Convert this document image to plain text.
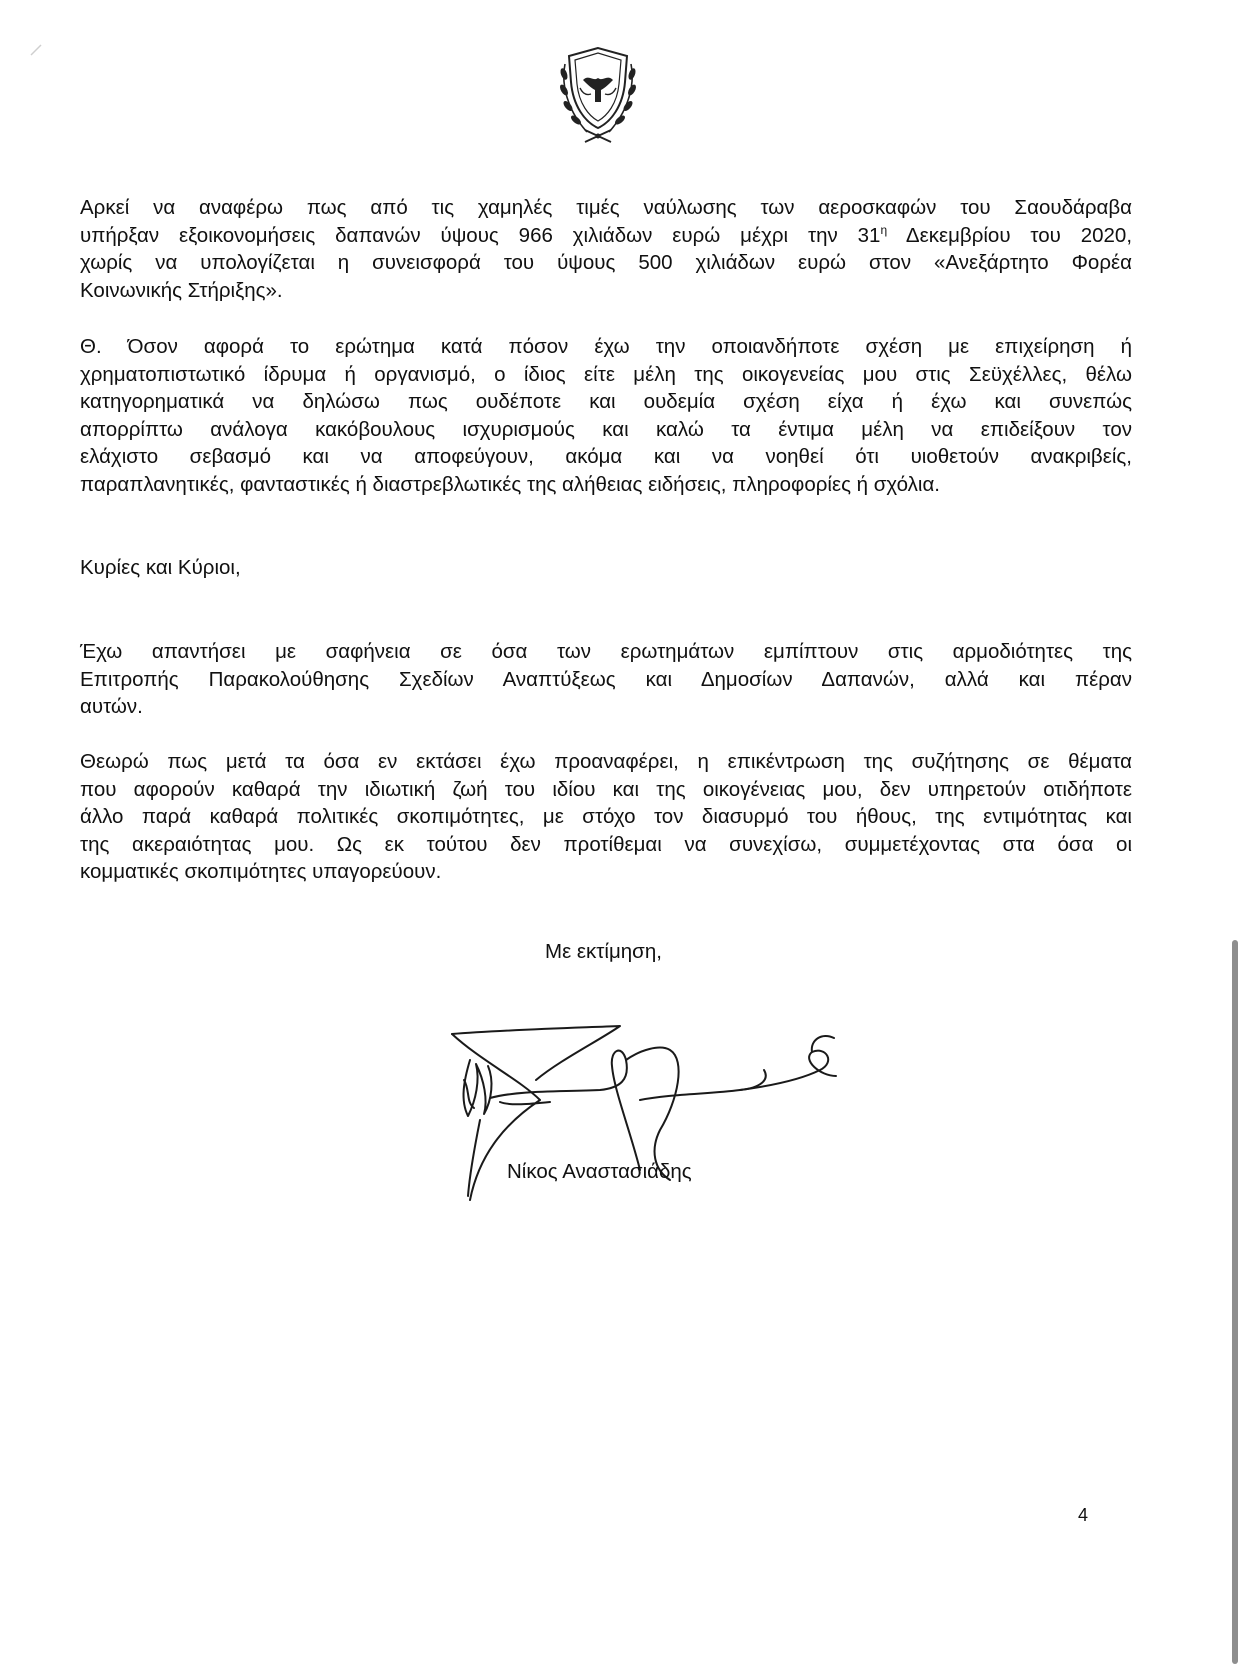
Αρκεί να αναφέρω πως από τις χαμηλές τιμές ναύλωσης των αεροσκαφών του Σαουδάραβα
υπήρξαν εξοικονομήσεις δαπανών ύψους 966 χιλιάδων ευρώ μέχρι την $31^\eta$ Δεκεμβρίου του 2020,
χωρίς να υπολογίζεται η συνεισφορά του ύψους 500 χιλιάδων ευρώ στον «Ανεξάρτητο Φορέα
Κοινωνικής Στήριξης».
Θ. Όσον αφορά το ερώτημα κατά πόσον έχω την οποιανδήποτε σχέση με επιχείρηση ή
χρηματοπιστωτικό ίδρυμα ή οργανισμό, ο ίδιος είτε μέλη της οικογενείας μου στις Σεϋχέλλες, θέλω
κατηγορηματικά να δηλώσω πως ουδέποτε και ουδεμία σχέση είχα ή έχω και συνεπώς
απορρίπτω ανάλογα κακόβουλους ισχυρισμούς και καλώ τα έντιμα μέλη να επιδείξουν τον
ελάχιστο σεβασμό και να αποφεύγουν, ακόμα και να νοηθεί ότι υιοθετούν ανακριβείς,
παραπλανητικές, φανταστικές ή διαστρεβλωτικές της αλήθειας ειδήσεις, πληροφορίες ή σχόλια.
Κυρίες και Κύριοι,
Έχω απαντήσει με σαφήνεια σε όσα των ερωτημάτων εμπίπτουν στις αρμοδιότητες της
Επιτροπής Παρακολούθησης Σχεδίων Αναπτύξεως και Δημοσίων Δαπανών, αλλά και πέραν
αυτών.
Θεωρώ πως μετά τα όσα εν εκτάσει έχω προαναφέρει, η επικέντρωση της συζήτησης σε θέματα
που αφορούν καθαρά την ιδιωτική ζωή του ιδίου και της οικογένειας μου, δεν υπηρετούν οτιδήποτε
άλλο παρά καθαρά πολιτικές σκοπιμότητες, με στόχο τον διασυρμό του ήθους, της εντιμότητας και
της ακεραιότητας μου. Ως εκ τούτου δεν προτίθεμαι να συνεχίσω, συμμετέχοντας στα όσα οι
κομματικές σκοπιμότητες υπαγορεύουν.
Με εκτίμηση,
Νίκος Αναστασιάδης
4
